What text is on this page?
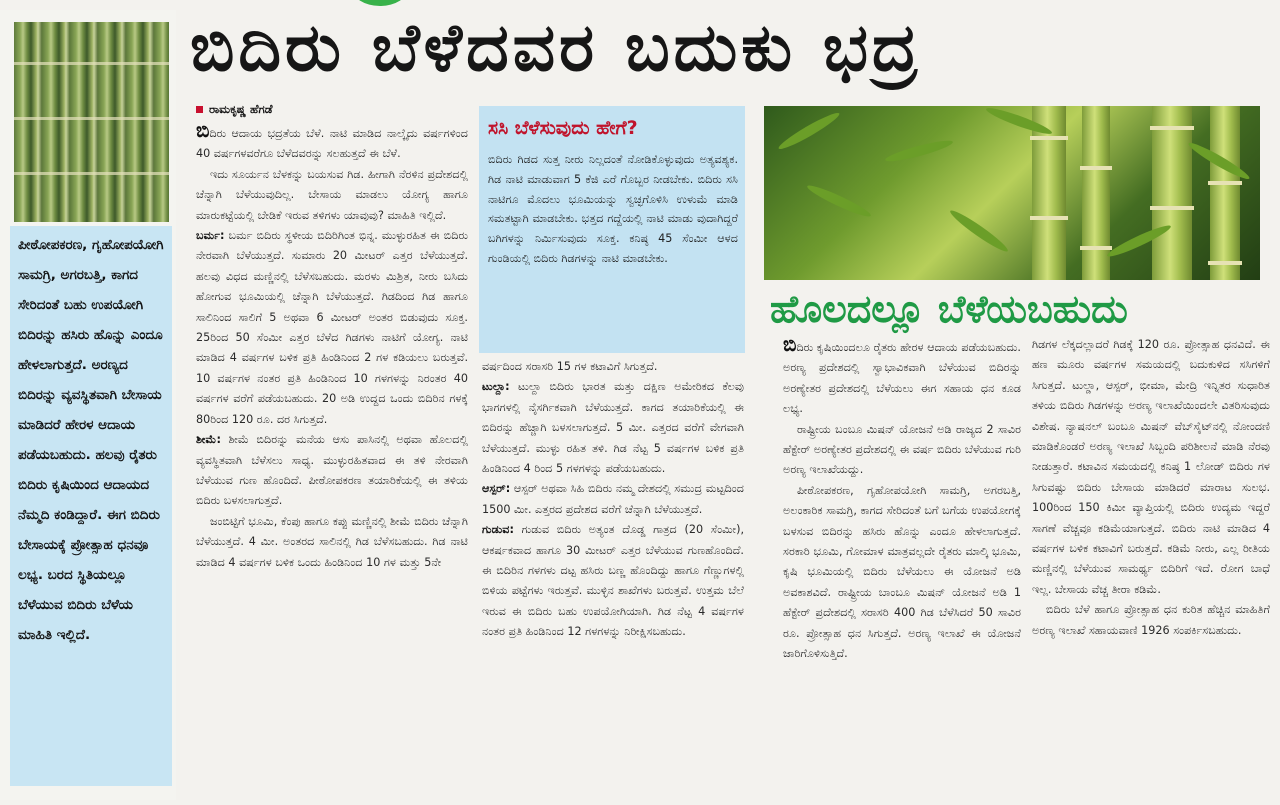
ಬಿದಿರು ಬೆಳೆದವರ ಬದುಕು ಭದ್ರ
ಪೀಠೋಪಕರಣ, ಗೃಹೋಪಯೋಗಿ ಸಾಮಗ್ರಿ, ಅಗರಬತ್ತಿ, ಕಾಗದ ಸೇರಿದಂತೆ ಬಹು ಉಪಯೋಗಿ ಬಿದಿರನ್ನು ಹಸಿರು ಹೊನ್ನು ಎಂದೂ ಹೇಳಲಾಗುತ್ತದೆ. ಅರಣ್ಯದ ಬಿದಿರನ್ನು ವ್ಯವಸ್ಥಿತವಾಗಿ ಬೇಸಾಯ ಮಾಡಿದರೆ ಹೇರಳ ಆದಾಯ ಪಡೆಯಬಹುದು. ಹಲವು ರೈತರು ಬಿದಿರು ಕೃಷಿಯಿಂದ ಆದಾಯದ ನೆಮ್ಮದಿ ಕಂಡಿದ್ದಾರೆ. ಈಗ ಬಿದಿರು ಬೇಸಾಯಕ್ಕೆ ಪ್ರೋತ್ಸಾಹ ಧನವೂ ಲಭ್ಯ. ಬರದ ಸ್ಥಿತಿಯಲ್ಲೂ ಬೆಳೆಯುವ ಬಿದಿರು ಬೆಳೆಯ ಮಾಹಿತಿ ಇಲ್ಲಿದೆ.
ರಾಮಕೃಷ್ಣ ಹೆಗಡೆ

ಬಿದಿರು ಆದಾಯ ಭದ್ರತೆಯ ಬೆಳೆ. ನಾಟಿ ಮಾಡಿದ ನಾಲ್ಕೈದು ವರ್ಷಗಳಿಂದ 40 ವರ್ಷಗಳವರೆಗೂ ಬೆಳೆದವರನ್ನು ಸಲಹುತ್ತದೆ ಈ ಬೆಳೆ.

ಇದು ಸೂರ್ಯನ ಬೆಳಕನ್ನು ಬಯಸುವ ಗಿಡ. ಹೀಗಾಗಿ ನೆರಳಿನ ಪ್ರದೇಶದಲ್ಲಿ ಚೆನ್ನಾಗಿ ಬೆಳೆಯುವುದಿಲ್ಲ. ಬೇಸಾಯ ಮಾಡಲು ಯೋಗ್ಯ ಹಾಗೂ ಮಾರುಕಟ್ಟೆಯಲ್ಲಿ ಬೇಡಿಕೆ ಇರುವ ತಳಿಗಳು ಯಾವುವು? ಮಾಹಿತಿ ಇಲ್ಲಿದೆ.

ಬರ್ಮ: ಬರ್ಮ ಬಿದಿರು ಸ್ಥಳೀಯ ಬಿದಿರಿಗಿಂತ ಭಿನ್ನ. ಮುಳ್ಳುರಹಿತ ಈ ಬಿದಿರು ನೇರವಾಗಿ ಬೆಳೆಯುತ್ತದೆ. ಸುಮಾರು 20 ಮೀಟರ್ ಎತ್ತರ ಬೆಳೆಯುತ್ತದೆ. ಹಲವು ವಿಧದ ಮಣ್ಣಿನಲ್ಲಿ ಬೆಳೆಸಬಹುದು. ಮರಳು ಮಿಶ್ರಿತ, ನೀರು ಬಸಿದು ಹೋಗುವ ಭೂಮಿಯಲ್ಲಿ ಚೆನ್ನಾಗಿ ಬೆಳೆಯುತ್ತದೆ. ಗಿಡದಿಂದ ಗಿಡ ಹಾಗೂ ಸಾಲಿನಿಂದ ಸಾಲಿಗೆ 5 ಅಥವಾ 6 ಮೀಟರ್ ಅಂತರ ಬಿಡುವುದು ಸೂಕ್ತ. 25ರಿಂದ 50 ಸೆಂಮೀ ಎತ್ತರ ಬೆಳೆದ ಗಿಡಗಳು ನಾಟಿಗೆ ಯೋಗ್ಯ. ನಾಟಿ ಮಾಡಿದ 4 ವರ್ಷಗಳ ಬಳಿಕ ಪ್ರತಿ ಹಿಂಡಿನಿಂದ 2 ಗಳ ಕಡಿಯಲು ಬರುತ್ತವೆ. 10 ವರ್ಷಗಳ ನಂತರ ಪ್ರತಿ ಹಿಂಡಿನಿಂದ 10 ಗಳಗಳನ್ನು ನಿರಂತರ 40 ವರ್ಷಗಳ ವರೆಗೆ ಪಡೆಯಬಹುದು. 20 ಅಡಿ ಉದ್ದದ ಒಂದು ಬಿದಿರಿನ ಗಳಕ್ಕೆ 80ರಿಂದ 120 ರೂ. ದರ ಸಿಗುತ್ತದೆ.

ಶೀಮೆ: ಶೀಮೆ ಬಿದಿರನ್ನು ಮನೆಯ ಆಸು ಪಾಸಿನಲ್ಲಿ ಅಥವಾ ಹೊಲದಲ್ಲಿ ವ್ಯವಸ್ಥಿತವಾಗಿ ಬೆಳೆಸಲು ಸಾಧ್ಯ. ಮುಳ್ಳುರಹಿತವಾದ ಈ ತಳಿ ನೇರವಾಗಿ ಬೆಳೆಯುವ ಗುಣ ಹೊಂದಿದೆ. ಪೀಠೋಪಕರಣ ತಯಾರಿಕೆಯಲ್ಲಿ ಈ ತಳಿಯ ಬಿದಿರು ಬಳಸಲಾಗುತ್ತದೆ.

ಜಂಬಿಟ್ಟಿಗೆ ಭೂಮಿ, ಕೆಂಪು ಹಾಗೂ ಕಪ್ಪು ಮಣ್ಣಿನಲ್ಲಿ ಶೀಮೆ ಬಿದಿರು ಚೆನ್ನಾಗಿ ಬೆಳೆಯುತ್ತದೆ. 4 ಮೀ. ಅಂತರದ ಸಾಲಿನಲ್ಲಿ ಗಿಡ ಬೆಳೆಸಬಹುದು. ಗಿಡ ನಾಟಿ ಮಾಡಿದ 4 ವರ್ಷಗಳ ಬಳಿಕ ಒಂದು ಹಿಂಡಿನಿಂದ 10 ಗಳ ಮತ್ತು 5ನೇ

ಸಸಿ ಬೆಳೆಸುವುದು ಹೇಗೆ?
ಬಿದಿರು ಗಿಡದ ಸುತ್ತ ನೀರು ನಿಲ್ಲದಂತೆ ನೋಡಿಕೊಳ್ಳುವುದು ಅತ್ಯವಶ್ಯಕ. ಗಿಡ ನಾಟಿ ಮಾಡುವಾಗ 5 ಕೆಜಿ ಎರೆ ಗೊಬ್ಬರ ನೀಡಬೇಕು. ಬಿದಿರು ಸಸಿ ನಾಟಿಗೂ ಮೊದಲು ಭೂಮಿಯನ್ನು ಸ್ವಚ್ಛಗೊಳಿಸಿ ಉಳುಮೆ ಮಾಡಿ ಸಮತಟ್ಟಾಗಿ ಮಾಡಬೇಕು. ಭತ್ತದ ಗದ್ದೆಯಲ್ಲಿ ನಾಟಿ ಮಾಡು ವುದಾಗಿದ್ದರೆ ಬಗಿಗಳನ್ನು ನಿರ್ಮಿಸುವುದು ಸೂಕ್ತ. ಕನಿಷ್ಠ 45 ಸೆಂಮೀ ಆಳದ ಗುಂಡಿಯಲ್ಲಿ ಬಿದಿರು ಗಿಡಗಳನ್ನು ನಾಟಿ ಮಾಡಬೇಕು.

ವರ್ಷದಿಂದ ಸರಾಸರಿ 15 ಗಳ ಕಟಾವಿಗೆ ಸಿಗುತ್ತದೆ.

ಟುಲ್ದಾ: ಟುಲ್ದಾ ಬಿದಿರು ಭಾರತ ಮತ್ತು ದಕ್ಷಿಣ ಅಮೇರಿಕದ ಕೆಲವು ಭಾಗಗಳಲ್ಲಿ ನೈಸರ್ಗಿಕವಾಗಿ ಬೆಳೆಯುತ್ತದೆ. ಕಾಗದ ತಯಾರಿಕೆಯಲ್ಲಿ ಈ ಬಿದಿರನ್ನು ಹೆಚ್ಚಾಗಿ ಬಳಸಲಾಗುತ್ತದೆ. 5 ಮೀ. ಎತ್ತರದ ವರೆಗೆ ವೇಗವಾಗಿ ಬೆಳೆಯುತ್ತದೆ. ಮುಳ್ಳು ರಹಿತ ತಳಿ. ಗಿಡ ನೆಟ್ಟ 5 ವರ್ಷಗಳ ಬಳಿಕ ಪ್ರತಿ ಹಿಂಡಿನಿಂದ 4 ರಿಂದ 5 ಗಳಗಳನ್ನು ಪಡೆಯಬಹುದು.

ಆಸ್ಪರ್: ಆಸ್ಪರ್ ಅಥವಾ ಸಿಹಿ ಬಿದಿರು ನಮ್ಮ ದೇಶದಲ್ಲಿ ಸಮುದ್ರ ಮಟ್ಟದಿಂದ 1500 ಮೀ. ಎತ್ತರದ ಪ್ರದೇಶದ ವರೆಗೆ ಚೆನ್ನಾಗಿ ಬೆಳೆಯುತ್ತದೆ.

ಗುಡುವ: ಗುಡುವ ಬಿದಿರು ಅತ್ಯಂತ ದೊಡ್ಡ ಗಾತ್ರದ (20 ಸೆಂಮೀ), ಆಕರ್ಷಕವಾದ ಹಾಗೂ 30 ಮೀಟರ್ ಎತ್ತರ ಬೆಳೆಯುವ ಗುಣಹೊಂದಿದೆ. ಈ ಬಿದಿರಿನ ಗಳಗಳು ದಟ್ಟ ಹಸಿರು ಬಣ್ಣ ಹೊಂದಿದ್ದು ಹಾಗೂ ಗೆಣ್ಣುಗಳಲ್ಲಿ ಬಿಳಿಯ ಪಟ್ಟೆಗಳು ಇರುತ್ತವೆ. ಮುಳ್ಳಿನ ಶಾಖೆಗಳು ಬರುತ್ತವೆ. ಉತ್ತಮ ಬೆಲೆ ಇರುವ ಈ ಬಿದಿರು ಬಹು ಉಪಯೋಗಿಯಾಗಿ. ಗಿಡ ನೆಟ್ಟ 4 ವರ್ಷಗಳ ನಂತರ ಪ್ರತಿ ಹಿಂಡಿನಿಂದ 12 ಗಳಗಳನ್ನು ನಿರೀಕ್ಷಿಸಬಹುದು.

ಹೊಲದಲ್ಲೂ ಬೆಳೆಯಬಹುದು

ಬಿದಿರು ಕೃಷಿಯಿಂದಲೂ ರೈತರು ಹೇರಳ ಆದಾಯ ಪಡೆಯಬಹುದು. ಅರಣ್ಯ ಪ್ರದೇಶದಲ್ಲಿ ಸ್ವಾಭಾವಿಕವಾಗಿ ಬೆಳೆಯುವ ಬಿದಿರನ್ನು ಅರಣ್ಯೇತರ ಪ್ರದೇಶದಲ್ಲಿ ಬೆಳೆಯಲು ಈಗ ಸಹಾಯ ಧನ ಕೂಡ ಲಭ್ಯ.

ರಾಷ್ಟ್ರೀಯ ಬಂಬೂ ಮಿಷನ್ ಯೋಜನೆ ಅಡಿ ರಾಜ್ಯದ 2 ಸಾವಿರ ಹೆಕ್ಟೇರ್ ಅರಣ್ಯೇತರ ಪ್ರದೇಶದಲ್ಲಿ ಈ ವರ್ಷ ಬಿದಿರು ಬೆಳೆಯುವ ಗುರಿ ಅರಣ್ಯ ಇಲಾಖೆಯದ್ದು.

ಪೀಠೋಪಕರಣ, ಗೃಹೋಪಯೋಗಿ ಸಾಮಗ್ರಿ, ಅಗರಬತ್ತಿ, ಅಲಂಕಾರಿಕ ಸಾಮಗ್ರಿ, ಕಾಗದ ಸೇರಿದಂತೆ ಬಗೆ ಬಗೆಯ ಉಪಯೋಗಕ್ಕೆ ಬಳಸುವ ಬಿದಿರನ್ನು ಹಸಿರು ಹೊನ್ನು ಎಂದೂ ಹೇಳಲಾಗುತ್ತದೆ. ಸರಕಾರಿ ಭೂಮಿ, ಗೋಮಾಳ ಮಾತ್ರವಲ್ಲದೇ ರೈತರು ಮಾಲ್ಕಿ ಭೂಮಿ, ಕೃಷಿ ಭೂಮಿಯಲ್ಲಿ ಬಿದಿರು ಬೆಳೆಯಲು ಈ ಯೋಜನೆ ಅಡಿ ಅವಕಾಶವಿದೆ. ರಾಷ್ಟ್ರೀಯ ಬಾಂಬೂ ಮಿಷನ್ ಯೋಜನೆ ಅಡಿ 1 ಹೆಕ್ಟೇರ್ ಪ್ರದೇಶದಲ್ಲಿ ಸರಾಸರಿ 400 ಗಿಡ ಬೆಳೆಸಿದರೆ 50 ಸಾವಿರ ರೂ. ಪ್ರೋತ್ಸಾಹ ಧನ ಸಿಗುತ್ತದೆ. ಅರಣ್ಯ ಇಲಾಖೆ ಈ ಯೋಜನೆ ಜಾರಿಗೊಳಿಸುತ್ತಿದೆ.

ಗಿಡಗಳ ಲೆಕ್ಕದಲ್ಲಾದರೆ ಗಿಡಕ್ಕೆ 120 ರೂ. ಪ್ರೋತ್ಸಾಹ ಧನವಿದೆ. ಈ ಹಣ ಮೂರು ವರ್ಷಗಳ ಸಮಯದಲ್ಲಿ ಬದುಕುಳಿದ ಸಸಿಗಳಿಗೆ ಸಿಗುತ್ತದೆ. ಟುಲ್ಡಾ, ಆಸ್ಪರ್, ಭೀಮಾ, ಮೇದ್ರಿ ಇನ್ನಿತರ ಸುಧಾರಿತ ತಳಿಯ ಬಿದಿರು ಗಿಡಗಳನ್ನು ಅರಣ್ಯ ಇಲಾಖೆಯಿಂದಲೇ ವಿತರಿಸುವುದು ವಿಶೇಷ. ನ್ಯಾಷನಲ್ ಬಂಬೂ ಮಿಷನ್ ವೆಬ್‌ಸೈಟ್‌ನಲ್ಲಿ ನೋಂದಣಿ ಮಾಡಿಕೊಂಡರೆ ಅರಣ್ಯ ಇಲಾಖೆ ಸಿಬ್ಬಂದಿ ಪರಿಶೀಲನೆ ಮಾಡಿ ನೆರವು ನೀಡುತ್ತಾರೆ. ಕಟಾವಿನ ಸಮಯದಲ್ಲಿ ಕನಿಷ್ಠ 1 ಲೋಡ್ ಬಿದಿರು ಗಳ ಸಿಗುವಷ್ಟು ಬಿದಿರು ಬೇಸಾಯ ಮಾಡಿದರೆ ಮಾರಾಟ ಸುಲಭ. 100ರಿಂದ 150 ಕಿಮೀ ವ್ಯಾಪ್ತಿಯಲ್ಲಿ ಬಿದಿರು ಉದ್ಯಮ ಇದ್ದರೆ ಸಾಗಣೆ ವೆಚ್ಚವೂ ಕಡಿಮೆಯಾಗುತ್ತದೆ. ಬಿದಿರು ನಾಟಿ ಮಾಡಿದ 4 ವರ್ಷಗಳ ಬಳಿಕ ಕಟಾವಿಗೆ ಬರುತ್ತದೆ. ಕಡಿಮೆ ನೀರು, ಎಲ್ಲ ರೀತಿಯ ಮಣ್ಣಿನಲ್ಲಿ ಬೆಳೆಯುವ ಸಾಮರ್ಥ್ಯ ಬಿದಿರಿಗೆ ಇದೆ. ರೋಗ ಬಾಧೆ ಇಲ್ಲ. ಬೇಸಾಯ ವೆಚ್ಚ ತೀರಾ ಕಡಿಮೆ.

ಬಿದಿರು ಬೆಳೆ ಹಾಗೂ ಪ್ರೋತ್ಸಾಹ ಧನ ಕುರಿತ ಹೆಚ್ಚಿನ ಮಾಹಿತಿಗೆ ಅರಣ್ಯ ಇಲಾಖೆ ಸಹಾಯವಾಣಿ 1926 ಸಂಪರ್ಕಿಸಬಹುದು.
